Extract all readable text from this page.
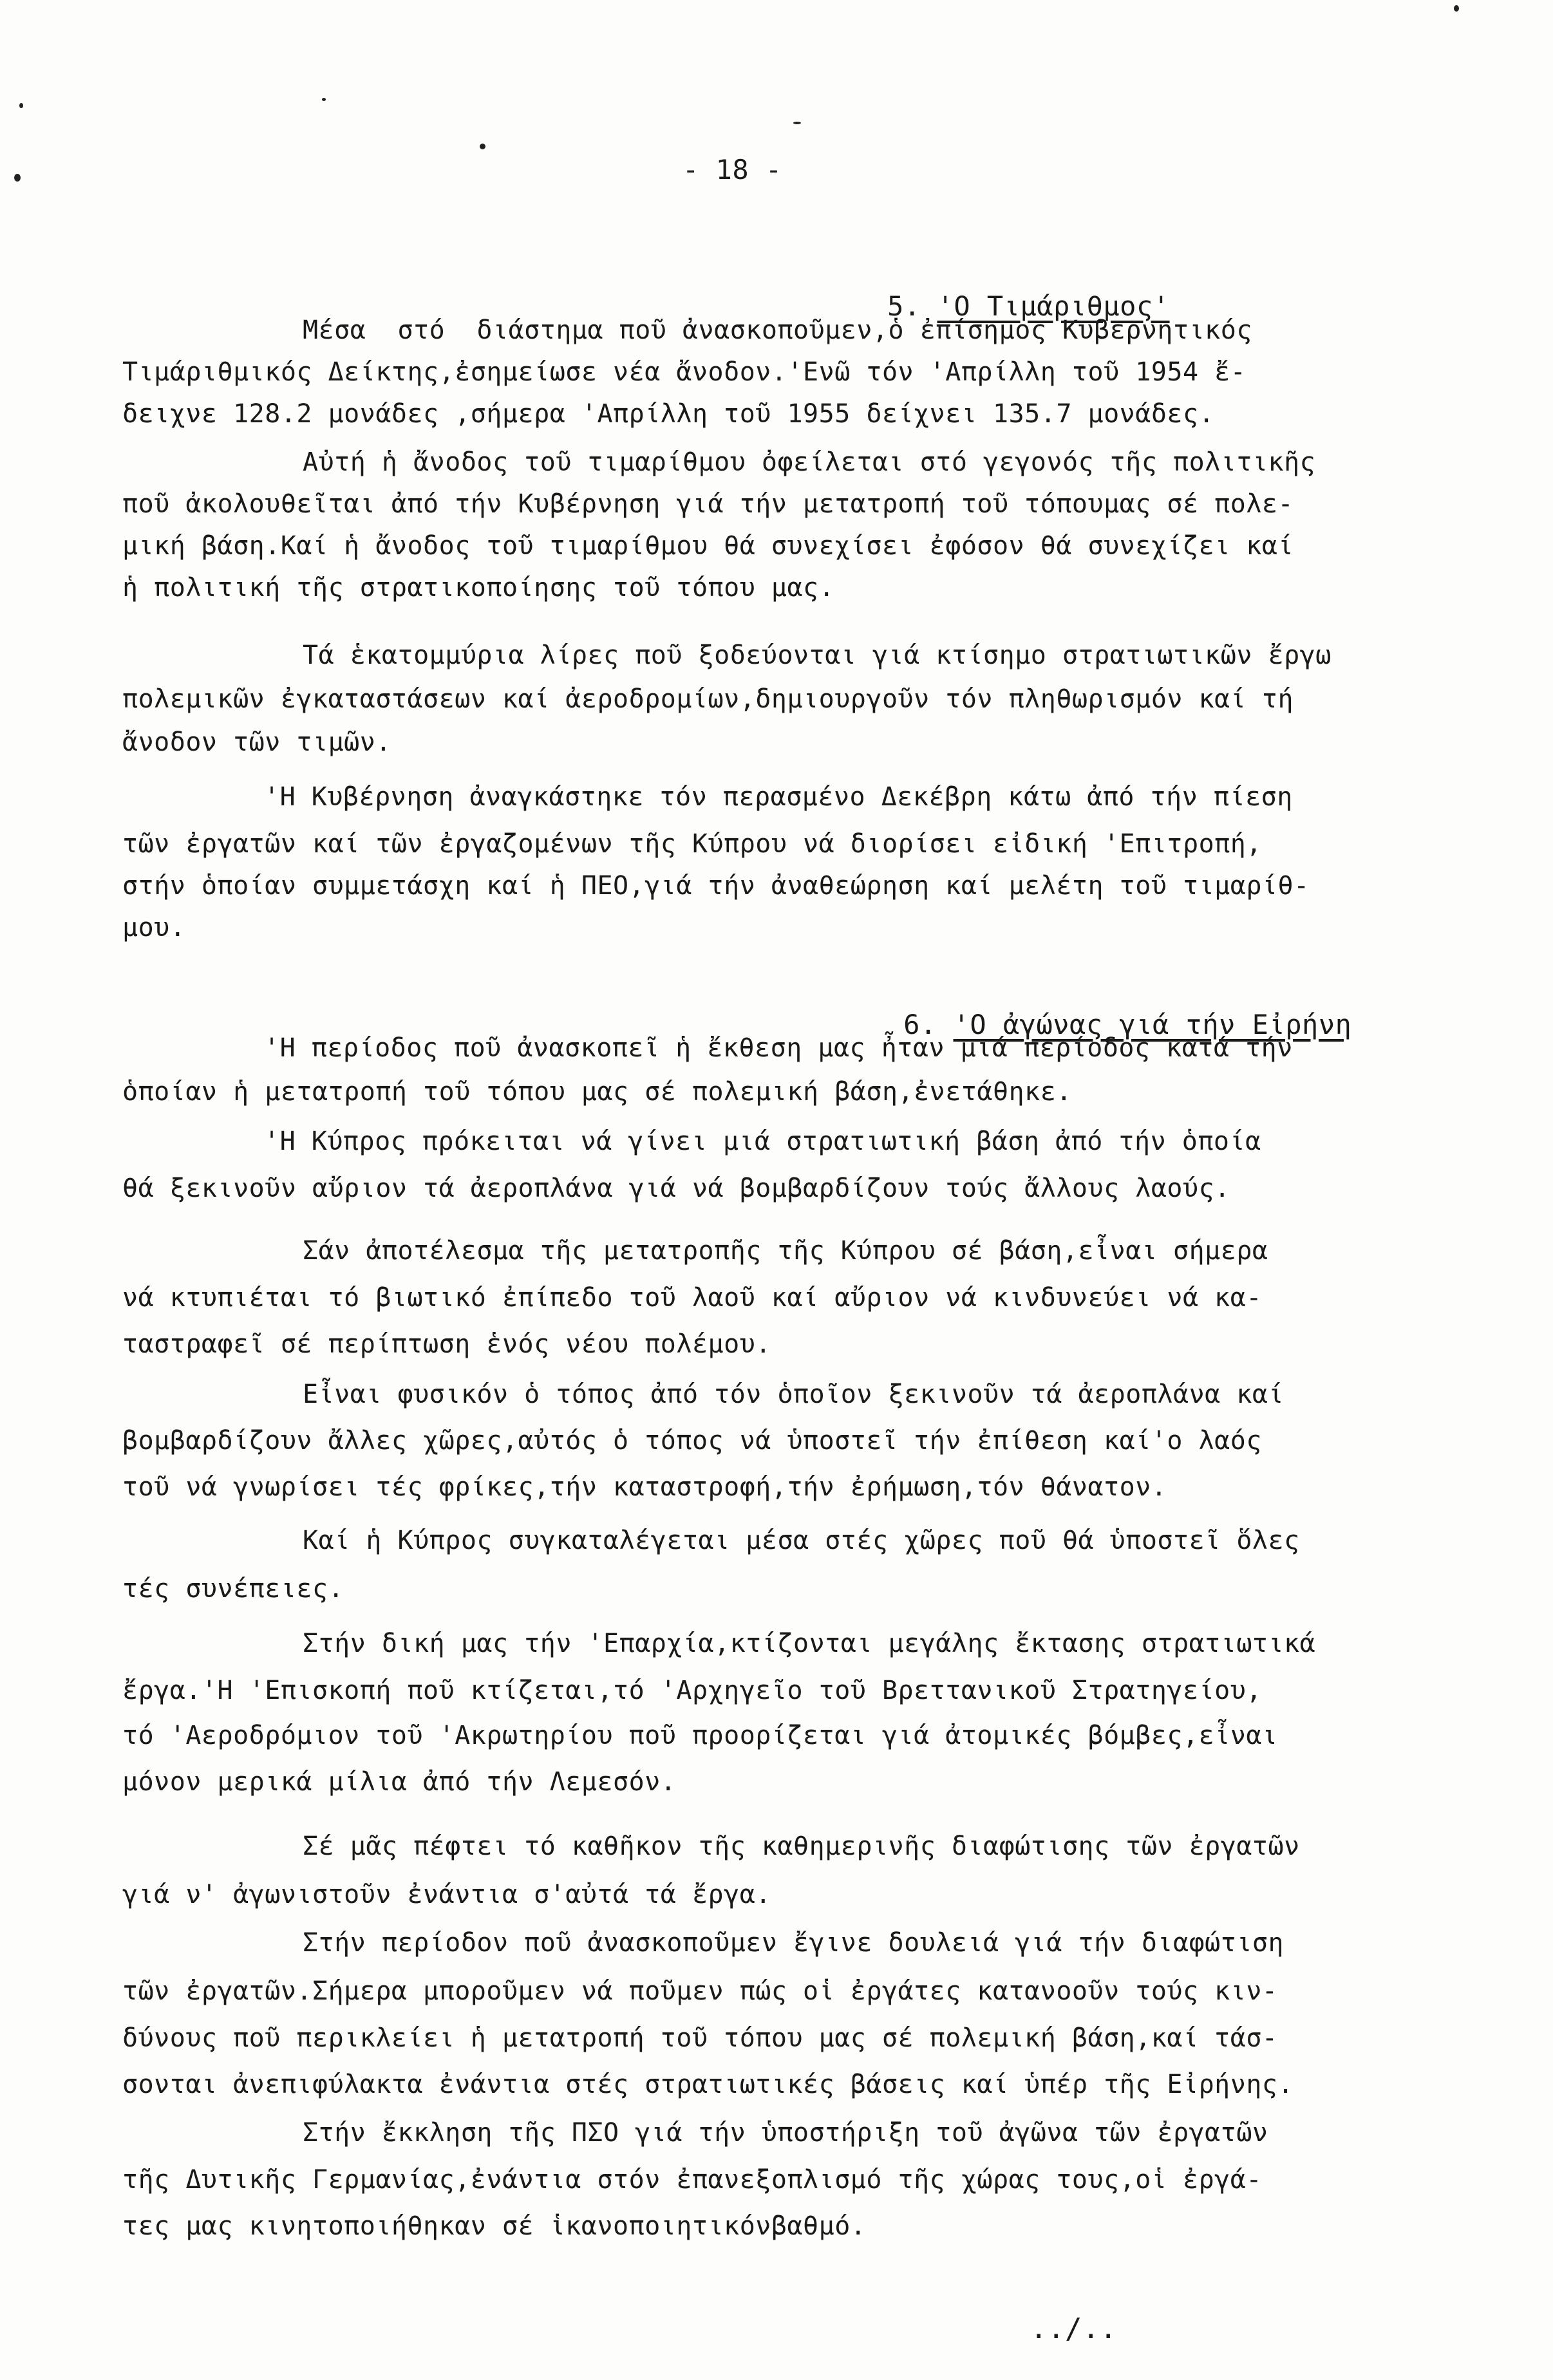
- 18 -

5. 'Ο Τιμάριθμος'

Μέσα  στό  διάστημα ποῦ ἀνασκοποῦμεν,ὁ ἐπίσημος Κυβερνητικός
Τιμάριθμικός Δείκτης,ἐσημείωσε νέα ἄνοδον.'Ενῶ τόν 'Απρίλλη τοῦ 1954 ἔ-
δειχνε 128.2 μονάδες ,σήμερα 'Απρίλλη τοῦ 1955 δείχνει 135.7 μονάδες.
Αὐτή ἡ ἄνοδος τοῦ τιμαρίθμου ὀφείλεται στό γεγονός τῆς πολιτικῆς
ποῦ ἀκολουθεῖται ἀπό τήν Κυβέρνηση γιά τήν μετατροπή τοῦ τόπουμας σέ πολε-
μική βάση.Καί ἡ ἄνοδος τοῦ τιμαρίθμου θά συνεχίσει ἐφόσον θά συνεχίζει καί
ἡ πολιτική τῆς στρατικοποίησης τοῦ τόπου μας.
Τά ἑκατομμύρια λίρες ποῦ ξοδεύονται γιά κτίσημο στρατιωτικῶν ἔργω
πολεμικῶν ἐγκαταστάσεων καί ἀεροδρομίων,δημιουργοῦν τόν πληθωρισμόν καί τή
ἄνοδον τῶν τιμῶν.
'Η Κυβέρνηση ἀναγκάστηκε τόν περασμένο Δεκέβρη κάτω ἀπό τήν πίεση
τῶν ἐργατῶν καί τῶν ἐργαζομένων τῆς Κύπρου νά διορίσει εἰδική 'Επιτροπή,
στήν ὁποίαν συμμετάσχη καί ἡ ΠΕΟ,γιά τήν ἀναθεώρηση καί μελέτη τοῦ τιμαρίθ-
μου.

6. 'Ο ἀγώνας γιά τήν Εἰρήνη

'Η περίοδος ποῦ ἀνασκοπεῖ ἡ ἔκθεση μας ἦταν μιά περίοδος κατά τήν
ὁποίαν ἡ μετατροπή τοῦ τόπου μας σέ πολεμική βάση,ἐνετάθηκε.
'Η Κύπρος πρόκειται νά γίνει μιά στρατιωτική βάση ἀπό τήν ὁποία
θά ξεκινοῦν αὔριον τά ἀεροπλάνα γιά νά βομβαρδίζουν τούς ἄλλους λαούς.
Σάν ἀποτέλεσμα τῆς μετατροπῆς τῆς Κύπρου σέ βάση,εἶναι σήμερα
νά κτυπιέται τό βιωτικό ἐπίπεδο τοῦ λαοῦ καί αὔριον νά κινδυνεύει νά κα-
ταστραφεῖ σέ περίπτωση ἑνός νέου πολέμου.
Εἶναι φυσικόν ὁ τόπος ἀπό τόν ὁποῖον ξεκινοῦν τά ἀεροπλάνα καί
βομβαρδίζουν ἄλλες χῶρες,αὐτός ὁ τόπος νά ὑποστεῖ τήν ἐπίθεση καί'ο λαός
τοῦ νά γνωρίσει τές φρίκες,τήν καταστροφή,τήν ἐρήμωση,τόν θάνατον.
Καί ἡ Κύπρος συγκαταλέγεται μέσα στές χῶρες ποῦ θά ὑποστεῖ ὅλες
τές συνέπειες.
Στήν δική μας τήν 'Επαρχία,κτίζονται μεγάλης ἔκτασης στρατιωτικά
ἔργα.'Η 'Επισκοπή ποῦ κτίζεται,τό 'Αρχηγεῖο τοῦ Βρεττανικοῦ Στρατηγείου,
τό 'Αεροδρόμιον τοῦ 'Ακρωτηρίου ποῦ προορίζεται γιά ἀτομικές βόμβες,εἶναι
μόνον μερικά μίλια ἀπό τήν Λεμεσόν.
Σέ μᾶς πέφτει τό καθῆκον τῆς καθημερινῆς διαφώτισης τῶν ἐργατῶν
γιά ν' ἀγωνιστοῦν ἐνάντια σ'αὐτά τά ἔργα.
Στήν περίοδον ποῦ ἀνασκοποῦμεν ἔγινε δουλειά γιά τήν διαφώτιση
τῶν ἐργατῶν.Σήμερα μποροῦμεν νά ποῦμεν πώς οἱ ἐργάτες κατανοοῦν τούς κιν-
δύνους ποῦ περικλείει ἡ μετατροπή τοῦ τόπου μας σέ πολεμική βάση,καί τάσ-
σονται ἀνεπιφύλακτα ἐνάντια στές στρατιωτικές βάσεις καί ὑπέρ τῆς Εἰρήνης.
Στήν ἔκκληση τῆς ΠΣΟ γιά τήν ὑποστήριξη τοῦ ἀγῶνα τῶν ἐργατῶν
τῆς Δυτικῆς Γερμανίας,ἐνάντια στόν ἐπανεξοπλισμό τῆς χώρας τους,οἱ ἐργά-
τες μας κινητοποιήθηκαν σέ ἱκανοποιητικόνβαθμό.
../..
